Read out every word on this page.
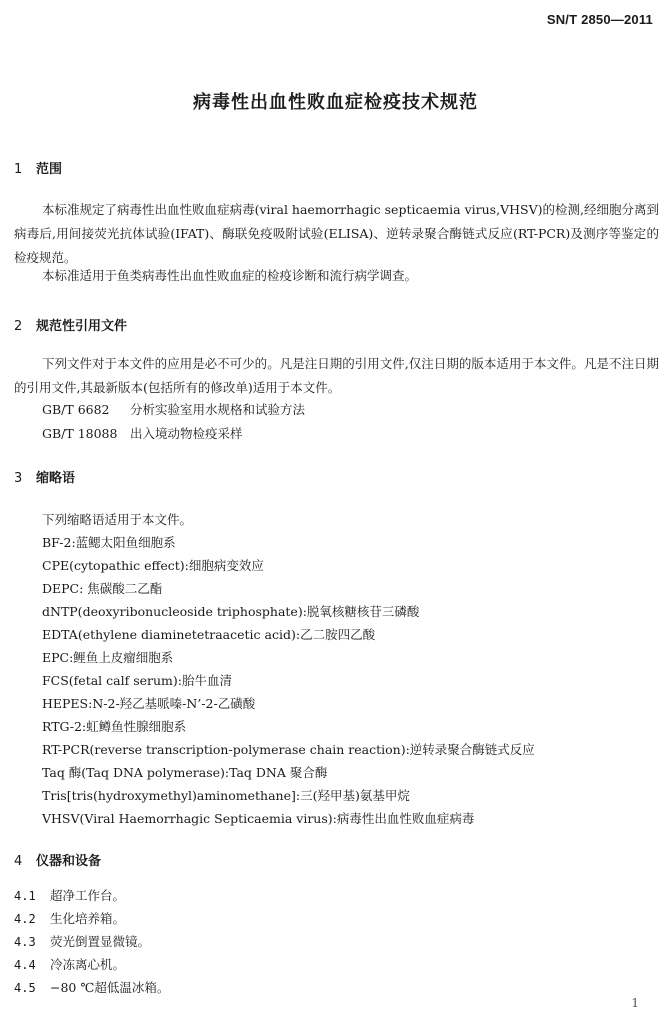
SN/T 2850—2011
病毒性出血性败血症检疫技术规范
1 范围
本标准规定了病毒性出血性败血症病毒(viral haemorrhagic septicaemia virus,VHSV)的检测,经细胞分离到病毒后,用间接荧光抗体试验(IFAT)、酶联免疫吸附试验(ELISA)、逆转录聚合酶链式反应(RT-PCR)及测序等鉴定的检疫规范。
本标准适用于鱼类病毒性出血性败血症的检疫诊断和流行病学调查。
2 规范性引用文件
下列文件对于本文件的应用是必不可少的。凡是注日期的引用文件,仅注日期的版本适用于本文件。凡是不注日期的引用文件,其最新版本(包括所有的修改单)适用于本文件。
GB/T 6682 分析实验室用水规格和试验方法
GB/T 18088 出入境动物检疫采样
3 缩略语
下列缩略语适用于本文件。
BF-2:蓝鳃太阳鱼细胞系
CPE(cytopathic effect):细胞病变效应
DEPC: 焦碳酸二乙酯
dNTP(deoxyribonucleoside triphosphate):脱氧核糖核苷三磷酸
EDTA(ethylene diaminetetraacetic acid):乙二胺四乙酸
EPC:鲤鱼上皮瘤细胞系
FCS(fetal calf serum):胎牛血清
HEPES:N-2-羟乙基哌嗪-N’-2-乙磺酸
RTG-2:虹鳟鱼性腺细胞系
RT-PCR(reverse transcription-polymerase chain reaction):逆转录聚合酶链式反应
Taq 酶(Taq DNA polymerase):Taq DNA 聚合酶
Tris[tris(hydroxymethyl)aminomethane]:三(羟甲基)氨基甲烷
VHSV(Viral Haemorrhagic Septicaemia virus):病毒性出血性败血症病毒
4 仪器和设备
4.1 超净工作台。
4.2 生化培养箱。
4.3 荧光倒置显微镜。
4.4 冷冻离心机。
4.5 −80 ℃超低温冰箱。
1
